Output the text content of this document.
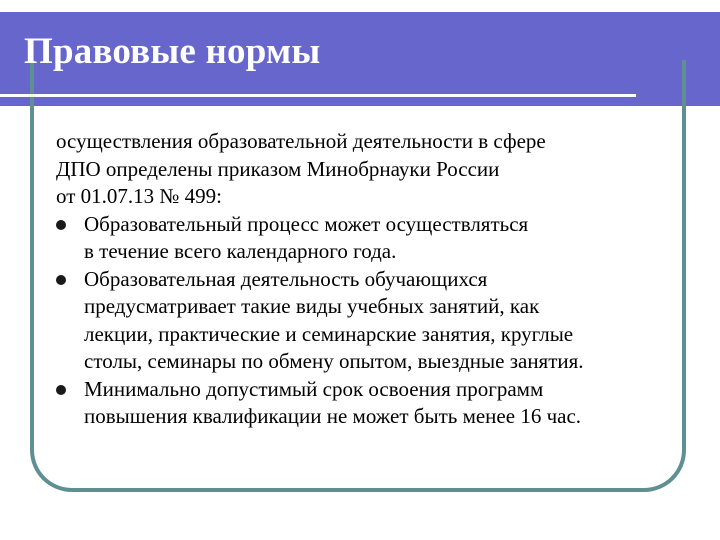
Правовые нормы

осуществления образовательной деятельности в сфере
ДПО определены приказом Минобрнауки России
от 01.07.13 № 499:

Образовательный процесс может осуществляться
в течение всего календарного года.
Образовательная деятельность обучающихся
предусматривает такие виды учебных занятий, как
лекции, практические и семинарские занятия, круглые
столы, семинары по обмену опытом, выездные занятия.
Минимально допустимый срок освоения программ
повышения квалификации не может быть менее 16 час.
